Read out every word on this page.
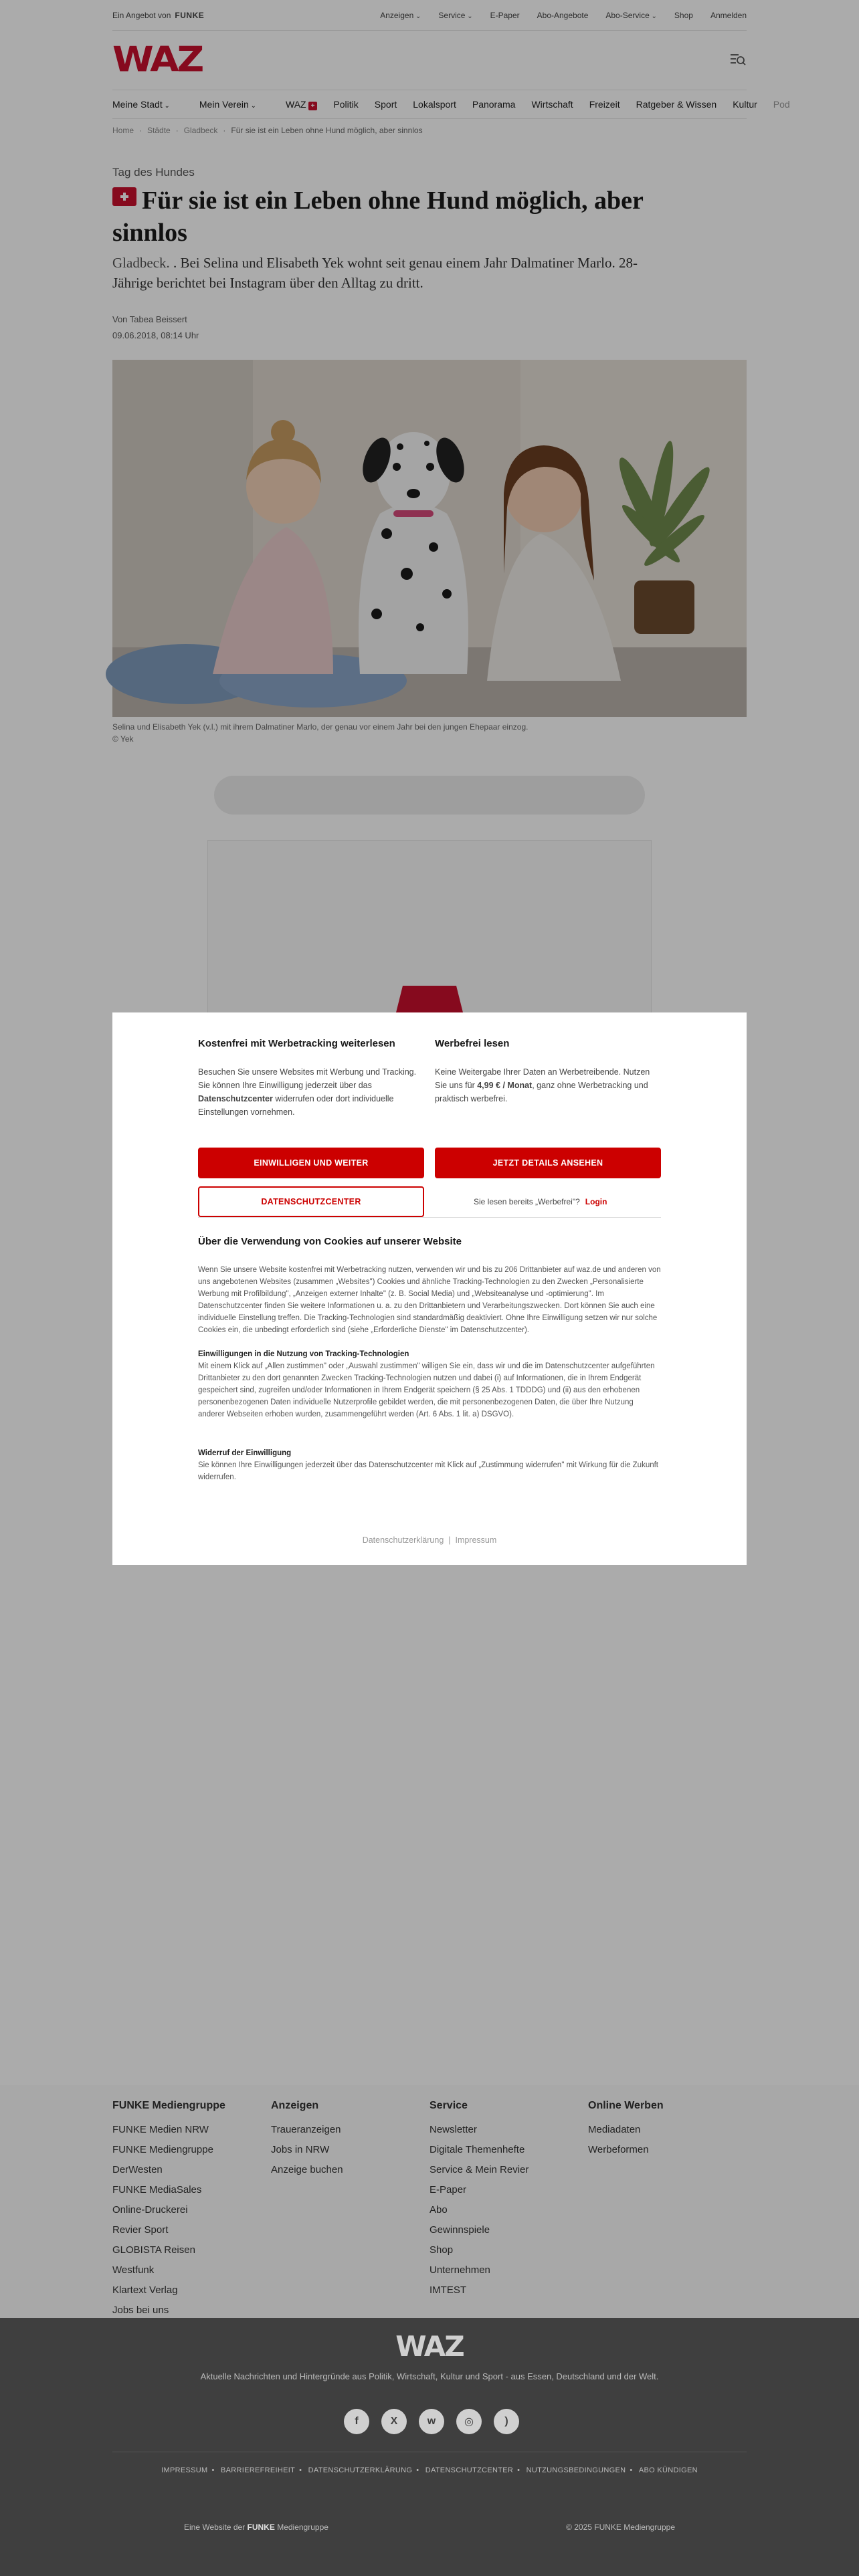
Ein Angebot von FUNKE	Anzeigen ⌄	Service ⌄	E-Paper Abo-Angebote Abo-Service ⌄	Shop Anmelden
WAZ
Meine Stadt ⌄	Mein Verein ⌄	WAZ +	Politik	Sport	Lokalsport	Panorama	Wirtschaft	Freizeit	Ratgeber & Wissen	Kultur	Pod
Home · Städte · Gladbeck · Für sie ist ein Leben ohne Hund möglich, aber sinnlos
Tag des Hundes
Für sie ist ein Leben ohne Hund möglich, aber sinnlos
Gladbeck. . Bei Selina und Elisabeth Yek wohnt seit genau einem Jahr Dalmatiner Marlo. 28-Jährige berichtet bei Instagram über den Alltag zu dritt.
Von Tabea Beissert
09.06.2018, 08:14 Uhr
Selina und Elisabeth Yek (v.l.) mit ihrem Dalmatiner Marlo, der genau vor einem Jahr bei den jungen Ehepaar einzog.
© Yek
FUNKE Mediengruppe
FUNKE Medien NRW
FUNKE Mediengruppe
DerWesten
FUNKE MediaSales
Online-Druckerei
Revier Sport
GLOBISTA Reisen
Westfunk
Klartext Verlag
Jobs bei uns
Anzeigen
Traueranzeigen
Jobs in NRW
Anzeige buchen
Service
Newsletter
Digitale Themenhefte
Service & Mein Revier
E-Paper
Abo
Gewinnspiele
Shop
Unternehmen
IMTEST
Online Werben
Mediadaten
Werbeformen
WAZ
Aktuelle Nachrichten und Hintergründe aus Politik, Wirtschaft, Kultur und Sport - aus Essen, Deutschland und der Welt.
f	X	w	◎	)
IMPRESSUM • BARRIEREFREIHEIT • DATENSCHUTZERKLÄRUNG • DATENSCHUTZCENTER • NUTZUNGSBEDINGUNGEN • ABO KÜNDIGEN
Eine Website der FUNKE Mediengruppe	© 2025 FUNKE Mediengruppe
Kostenfrei mit Werbetracking weiterlesen

Besuchen Sie unsere Websites mit Werbung und Tracking. Sie können Ihre Einwilligung jederzeit über das Datenschutzcenter widerrufen oder dort individuelle Einstellungen vornehmen.

Werbefrei lesen

Keine Weitergabe Ihrer Daten an Werbetreibende. Nutzen Sie uns für 4,99 € / Monat, ganz ohne Werbetracking und praktisch werbefrei.

EINWILLIGEN UND WEITER	JETZT DETAILS ANSEHEN
DATENSCHUTZCENTER	Sie lesen bereits „Werbefrei"? Login
Über die Verwendung von Cookies auf unserer Website
Wenn Sie unsere Website kostenfrei mit Werbetracking nutzen, verwenden wir und bis zu 206 Drittanbieter auf waz.de und anderen von uns angebotenen Websites (zusammen „Websites") Cookies und ähnliche Tracking-Technologien zu den Zwecken „Personalisierte Werbung mit Profilbildung", „Anzeigen externer Inhalte" (z. B. Social Media) und „Websiteanalyse und -optimierung". Im Datenschutzcenter finden Sie weitere Informationen u. a. zu den Drittanbietern und Verarbeitungszwecken. Dort können Sie auch eine individuelle Einstellung treffen. Die Tracking-Technologien sind standardmäßig deaktiviert. Ohne Ihre Einwilligung setzen wir nur solche Cookies ein, die unbedingt erforderlich sind (siehe „Erforderliche Dienste" im Datenschutzcenter).
Einwilligungen in die Nutzung von Tracking-Technologien
Mit einem Klick auf „Allen zustimmen" oder „Auswahl zustimmen" willigen Sie ein, dass wir und die im Datenschutzcenter aufgeführten Drittanbieter zu den dort genannten Zwecken Tracking-Technologien nutzen und dabei (i) auf Informationen, die in Ihrem Endgerät gespeichert sind, zugreifen und/oder Informationen in Ihrem Endgerät speichern (§ 25 Abs. 1 TDDDG) und (ii) aus den erhobenen personenbezogenen Daten individuelle Nutzerprofile gebildet werden, die mit personenbezogenen Daten, die über Ihre Nutzung anderer Webseiten erhoben wurden, zusammengeführt werden (Art. 6 Abs. 1 lit. a) DSGVO).
Widerruf der Einwilligung
Sie können Ihre Einwilligungen jederzeit über das Datenschutzcenter mit Klick auf „Zustimmung widerrufen" mit Wirkung für die Zukunft widerrufen.
Datenschutzerklärung  |  Impressum
